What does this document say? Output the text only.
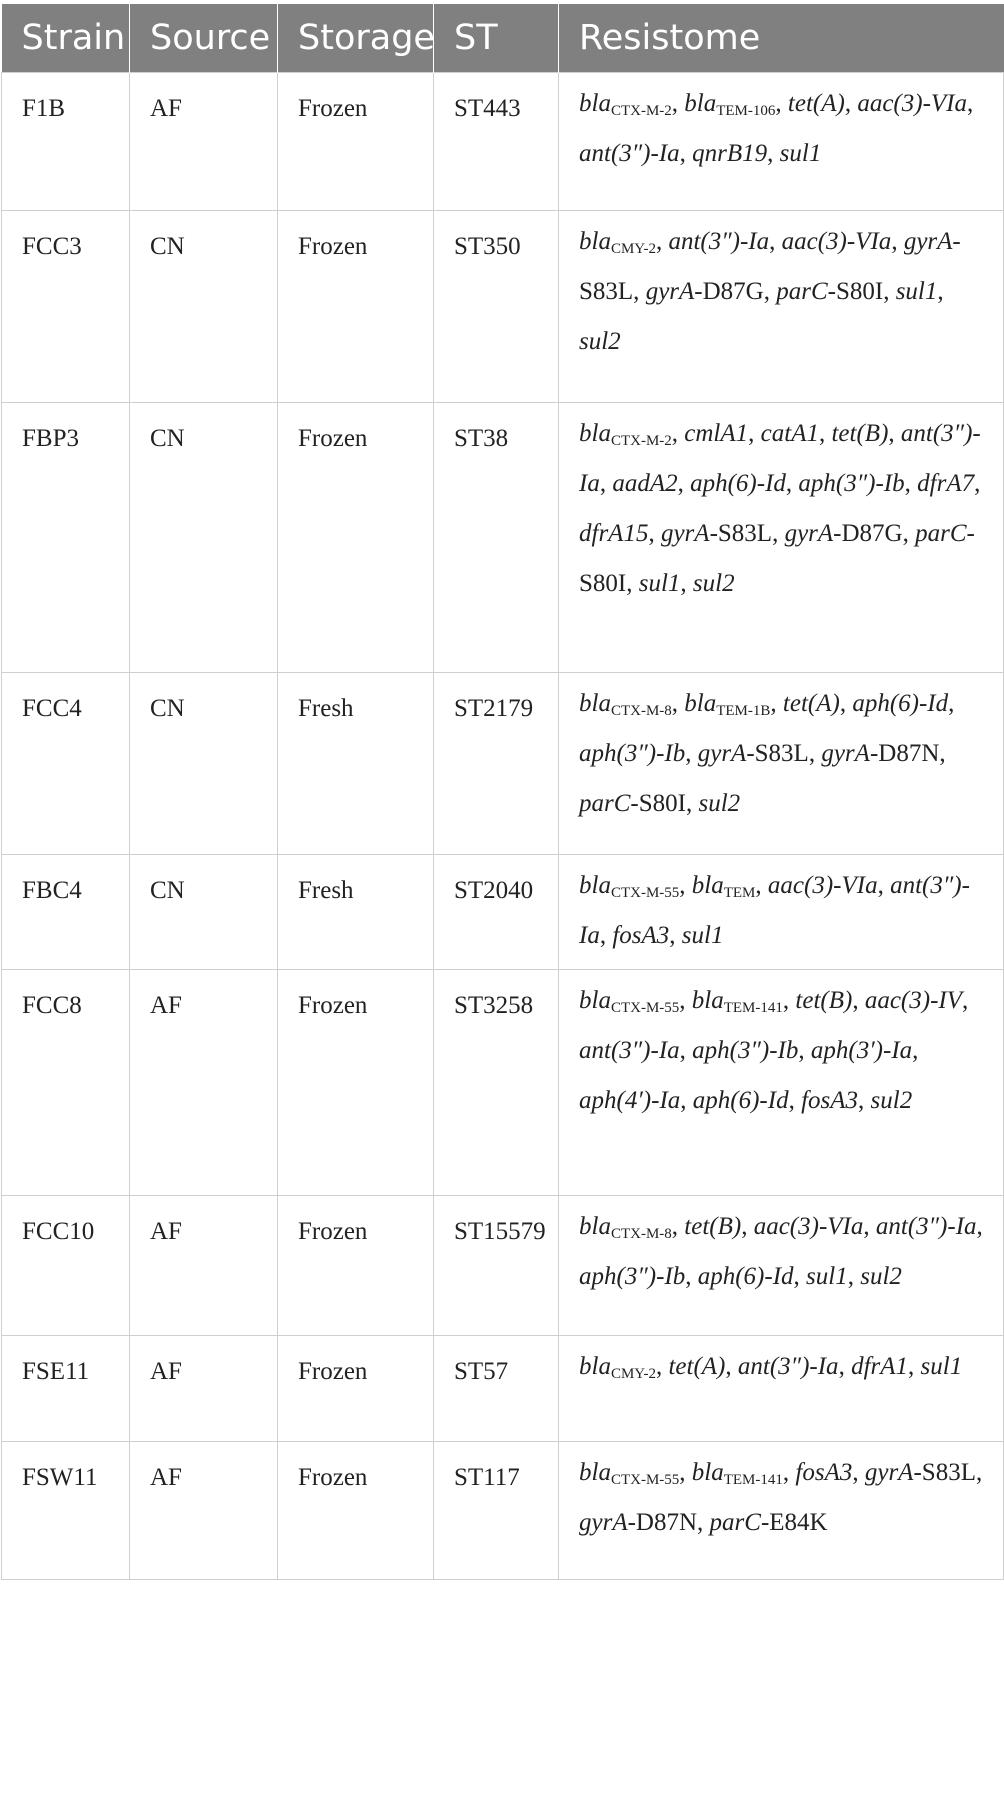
Strain	Source	Storage	ST	Resistome
F1B	AF	Frozen	ST443	bla$_{CTX-M-2}$, bla$_{TEM-106}$, tet(A), aac(3)-VIa, ant(3″)-Ia, qnrB19, sul1
FCC3	CN	Frozen	ST350	bla$_{CMY-2}$, ant(3″)-Ia, aac(3)-VIa, gyrA-S83L, gyrA-D87G, parC-S80I, sul1, sul2
FBP3	CN	Frozen	ST38	bla$_{CTX-M-2}$, cmlA1, catA1, tet(B), ant(3″)-Ia, aadA2, aph(6)-Id, aph(3″)-Ib, dfrA7, dfrA15, gyrA-S83L, gyrA-D87G, parC-S80I, sul1, sul2
FCC4	CN	Fresh	ST2179	bla$_{CTX-M-8}$, bla$_{TEM-1B}$, tet(A), aph(6)-Id, aph(3″)-Ib, gyrA-S83L, gyrA-D87N, parC-S80I, sul2
FBC4	CN	Fresh	ST2040	bla$_{CTX-M-55}$, bla$_{TEM}$, aac(3)-VIa, ant(3″)-Ia, fosA3, sul1
FCC8	AF	Frozen	ST3258	bla$_{CTX-M-55}$, bla$_{TEM-141}$, tet(B), aac(3)-IV, ant(3″)-Ia, aph(3″)-Ib, aph(3′)-Ia, aph(4′)-Ia, aph(6)-Id, fosA3, sul2
FCC10	AF	Frozen	ST15579	bla$_{CTX-M-8}$, tet(B), aac(3)-VIa, ant(3″)-Ia, aph(3″)-Ib, aph(6)-Id, sul1, sul2
FSE11	AF	Frozen	ST57	bla$_{CMY-2}$, tet(A), ant(3″)-Ia, dfrA1, sul1
FSW11	AF	Frozen	ST117	bla$_{CTX-M-55}$, bla$_{TEM-141}$, fosA3, gyrA-S83L, gyrA-D87N, parC-E84K
